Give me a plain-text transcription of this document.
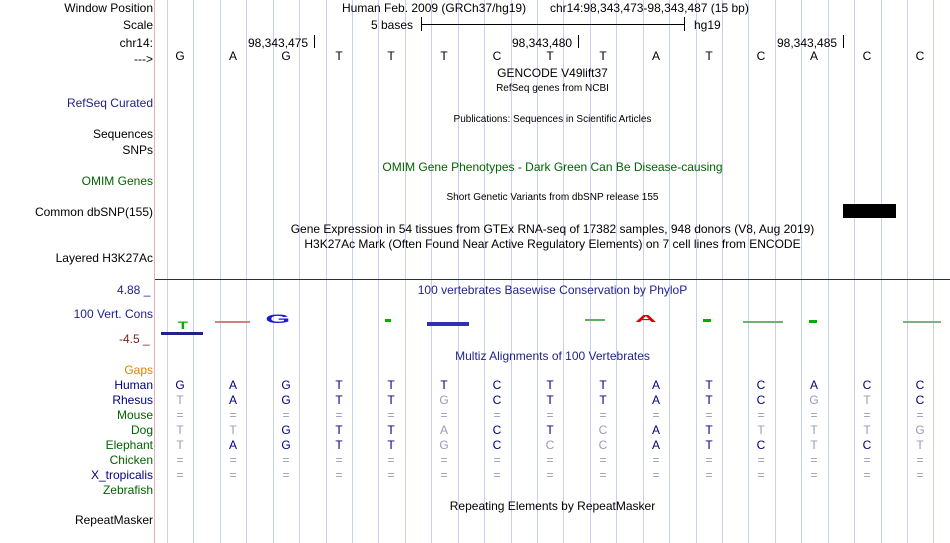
Window Position	Human Feb. 2009 (GRCh37/hg19) chr14:98,343,473-98,343,487 (15 bp)
Scale	5 bases	hg19
chr14:	98,343,475	98,343,480	98,343,485
--->	G	A	G	T	T	T	C	T	T	A	T	C	A	C	C
GENCODE V49lift37
RefSeq genes from NCBI
RefSeq Curated
Publications: Sequences in Scientific Articles
Sequences
SNPs
OMIM Gene Phenotypes - Dark Green Can Be Disease-causing
OMIM Genes
Short Genetic Variants from dbSNP release 155
Common dbSNP(155)
Gene Expression in 54 tissues from GTEx RNA-seq of 17382 samples, 948 donors (V8, Aug 2019)
H3K27Ac Mark (Often Found Near Active Regulatory Elements) on 7 cell lines from ENCODE
Layered H3K27Ac
4.88 _	100 vertebrates Basewise Conservation by PhyloP
100 Vert. Cons
-4.5 _
T	G	A
Multiz Alignments of 100 Vertebrates
Gaps
Human	G	A	G	T	T	T	C	T	T	A	T	C	A	C	C
Rhesus	T	A	G	T	T	G	C	T	T	A	T	C	G	T	C
Mouse	=	=	=	=	=	=	=	=	=	=	=	=	=	=	=
Dog	T	T	G	T	T	A	C	T	C	A	T	T	T	T	G
Elephant	T	A	G	T	T	G	C	C	C	A	T	C	T	C	T
Chicken	=	=	=	=	=	=	=	=	=	=	=	=	=	=	=
X_tropicalis	=	=	=	=	=	=	=	=	=	=	=	=	=	=	=
Zebrafish
Repeating Elements by RepeatMasker
RepeatMasker
